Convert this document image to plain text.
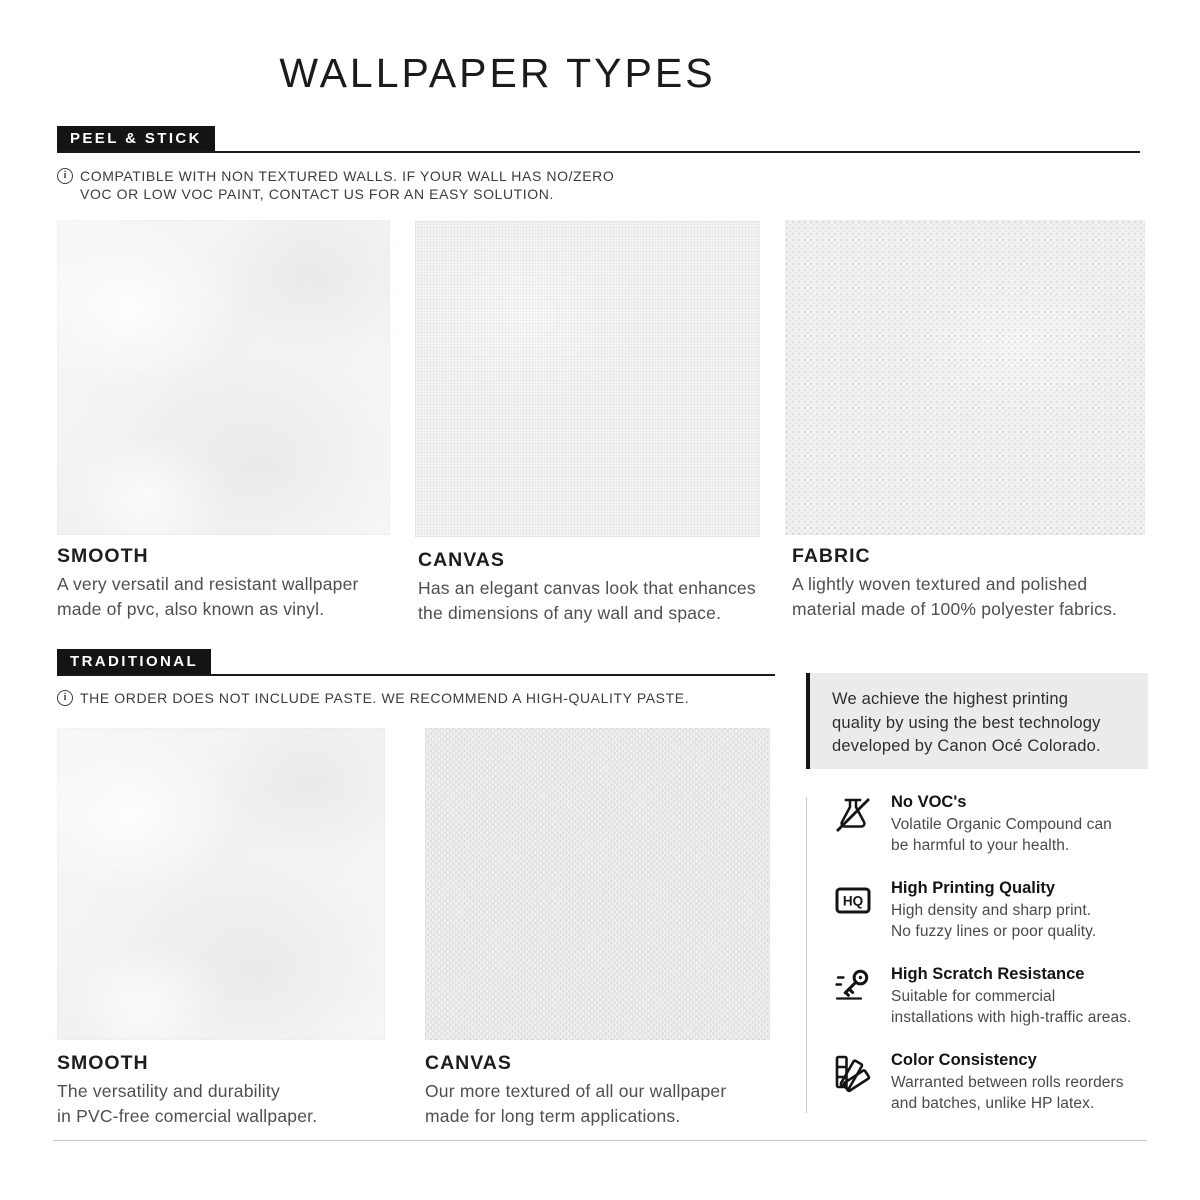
WALLPAPER TYPES
PEEL & STICK
i COMPATIBLE WITH NON TEXTURED WALLS. IF YOUR WALL HAS NO/ZERO
VOC OR LOW VOC PAINT, CONTACT US FOR AN EASY SOLUTION.
SMOOTH
A very versatil and resistant wallpaper
made of pvc, also known as vinyl.
CANVAS
Has an elegant canvas look that enhances
the dimensions of any wall and space.
FABRIC
A lightly woven textured and polished
material made of 100% polyester fabrics.
TRADITIONAL
i THE ORDER DOES NOT INCLUDE PASTE. WE RECOMMEND A HIGH-QUALITY PASTE.
SMOOTH
The versatility and durability
in PVC-free comercial wallpaper.
CANVAS
Our more textured of all our wallpaper
made for long term applications.
We achieve the highest printing
quality by using the best technology
developed by Canon Océ Colorado.
No VOC's
Volatile Organic Compound can
be harmful to your health.
HQ
High Printing Quality
High density and sharp print.
No fuzzy lines or poor quality.
High Scratch Resistance
Suitable for commercial
installations with high-traffic areas.
Color Consistency
Warranted between rolls reorders
and batches, unlike HP latex.
